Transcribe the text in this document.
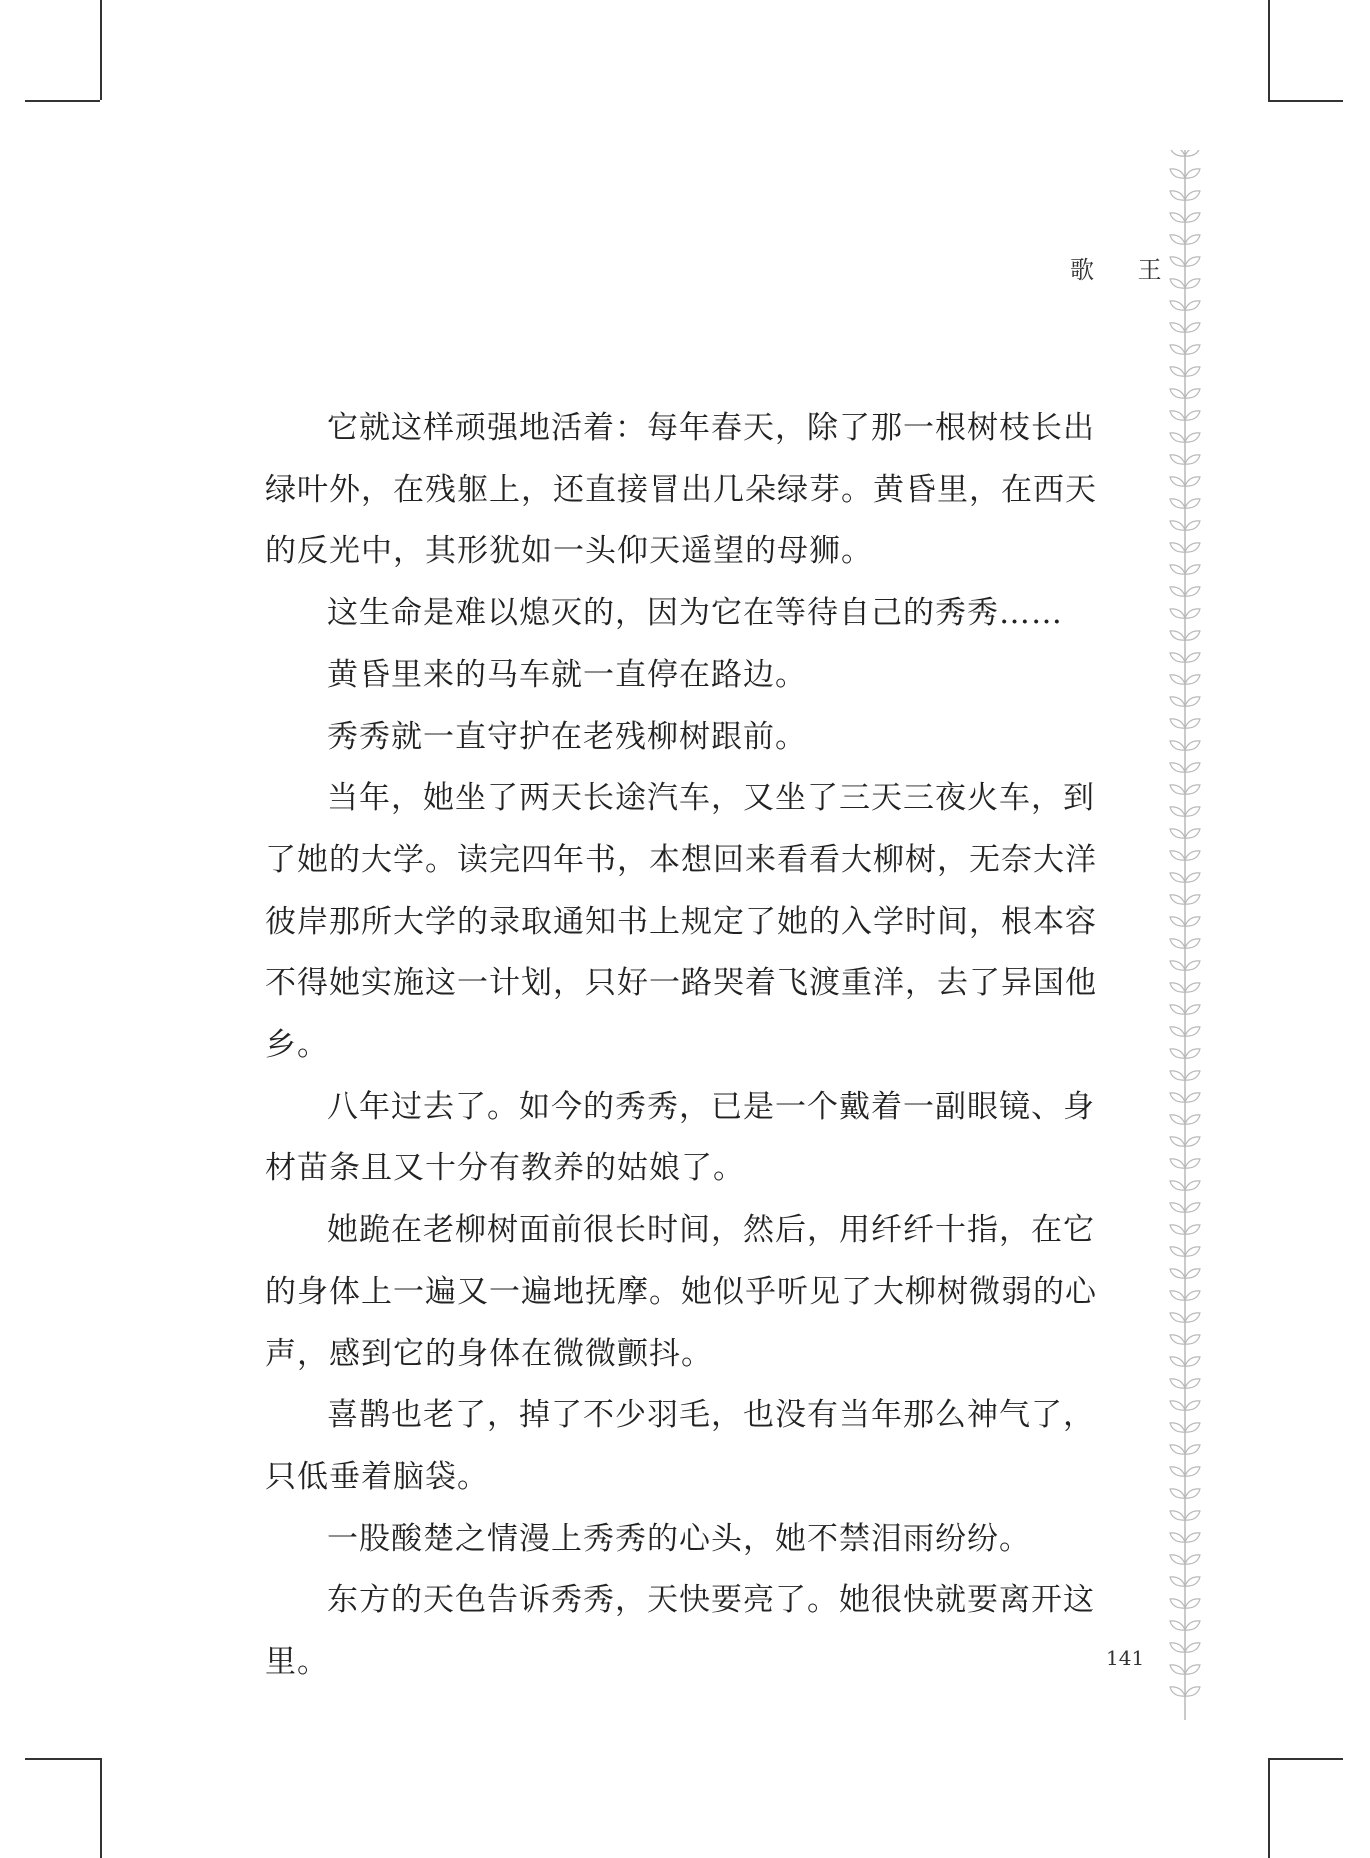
歌 王

它就这样顽强地活着：每年春天，除了那一根树枝长出绿叶外，在残躯上，还直接冒出几朵绿芽。黄昏里，在西天的反光中，其形犹如一头仰天遥望的母狮。

这生命是难以熄灭的，因为它在等待自己的秀秀……

黄昏里来的马车就一直停在路边。

秀秀就一直守护在老残柳树跟前。

当年，她坐了两天长途汽车，又坐了三天三夜火车，到了她的大学。读完四年书，本想回来看看大柳树，无奈大洋彼岸那所大学的录取通知书上规定了她的入学时间，根本容不得她实施这一计划，只好一路哭着飞渡重洋，去了异国他乡。

八年过去了。如今的秀秀，已是一个戴着一副眼镜、身材苗条且又十分有教养的姑娘了。

她跪在老柳树面前很长时间，然后，用纤纤十指，在它的身体上一遍又一遍地抚摩。她似乎听见了大柳树微弱的心声，感到它的身体在微微颤抖。

喜鹊也老了，掉了不少羽毛，也没有当年那么神气了，只低垂着脑袋。

一股酸楚之情漫上秀秀的心头，她不禁泪雨纷纷。

东方的天色告诉秀秀，天快要亮了。她很快就要离开这里。	141
